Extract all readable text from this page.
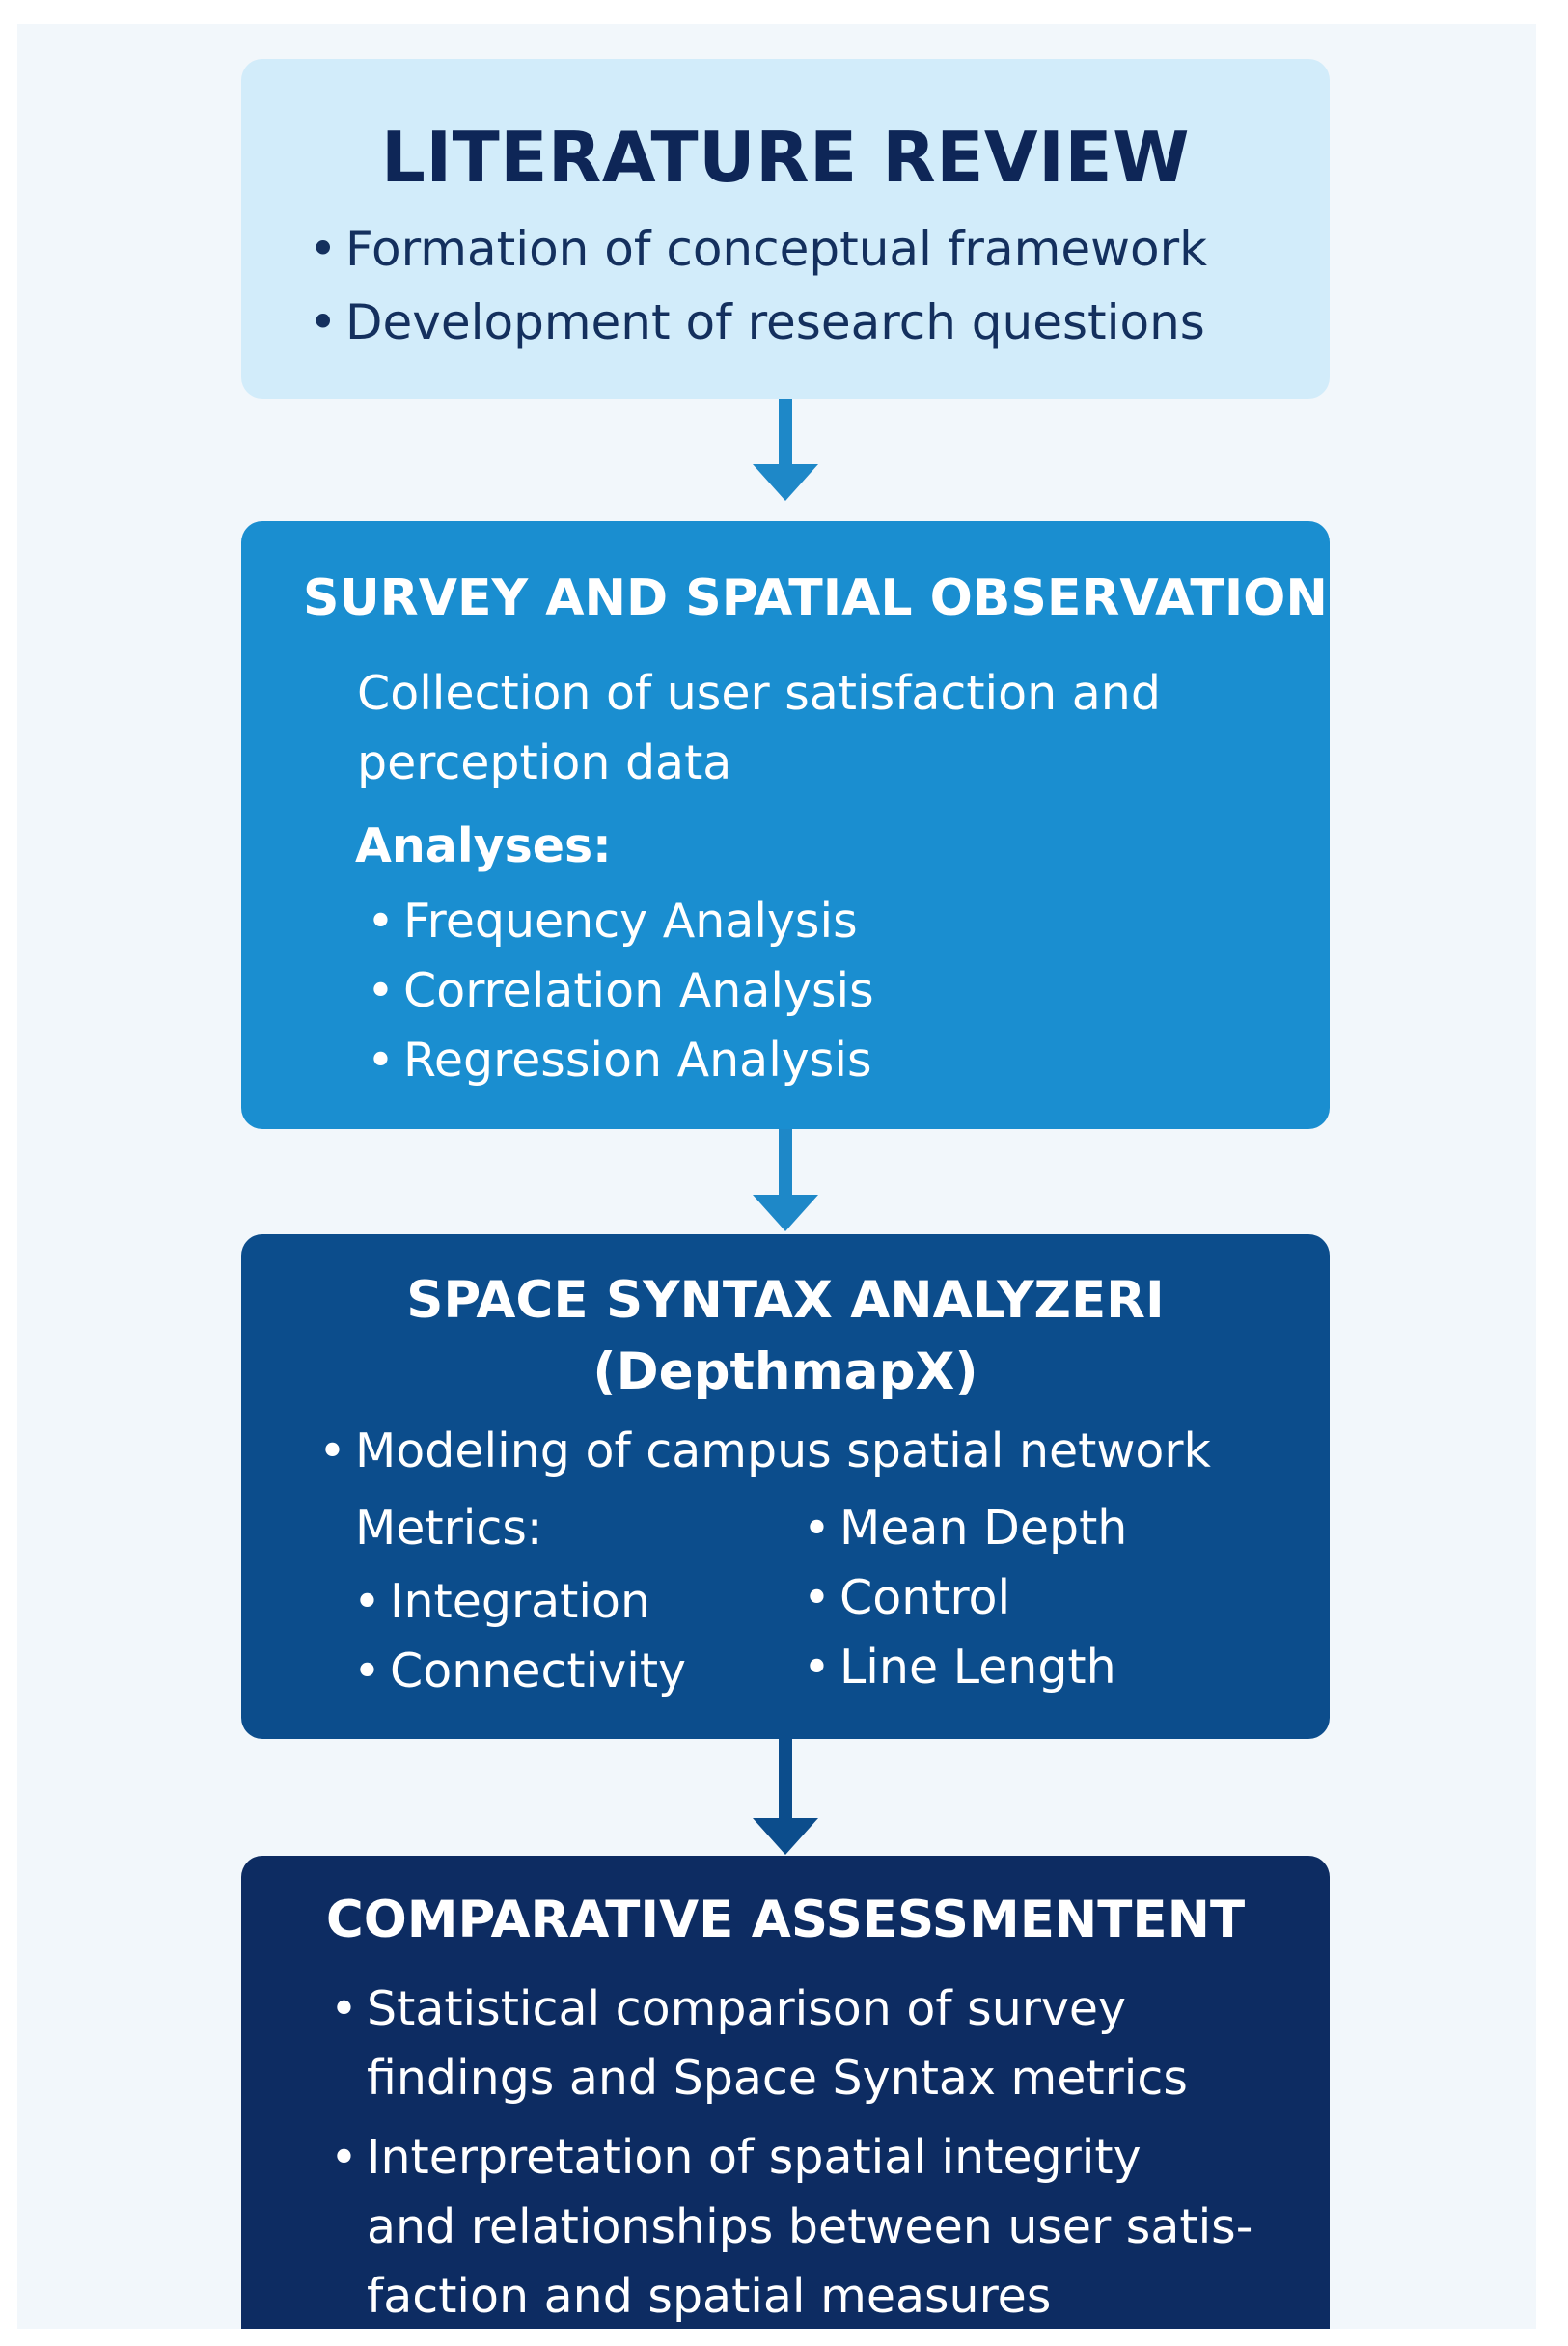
LITERATURE REVIEW

• Formation of conceptual framework

• Development of research questions

SURVEY AND SPATIAL OBSERVATION

Collection of user satisfaction and

perception data

Analyses:

• Frequency Analysis

• Correlation Analysis

• Regression Analysis

SPACE SYNTAX ANALYZERI
(DepthmapX)

• Modeling of campus spatial network

Metrics:

• Integration

• Connectivity

• Mean Depth

• Control

• Line Length

COMPARATIVE ASSESSMENTENT

• Statistical comparison of survey

findings and Space Syntax metrics

• Interpretation of spatial integrity

and relationships between user satis-

faction and spatial measures
